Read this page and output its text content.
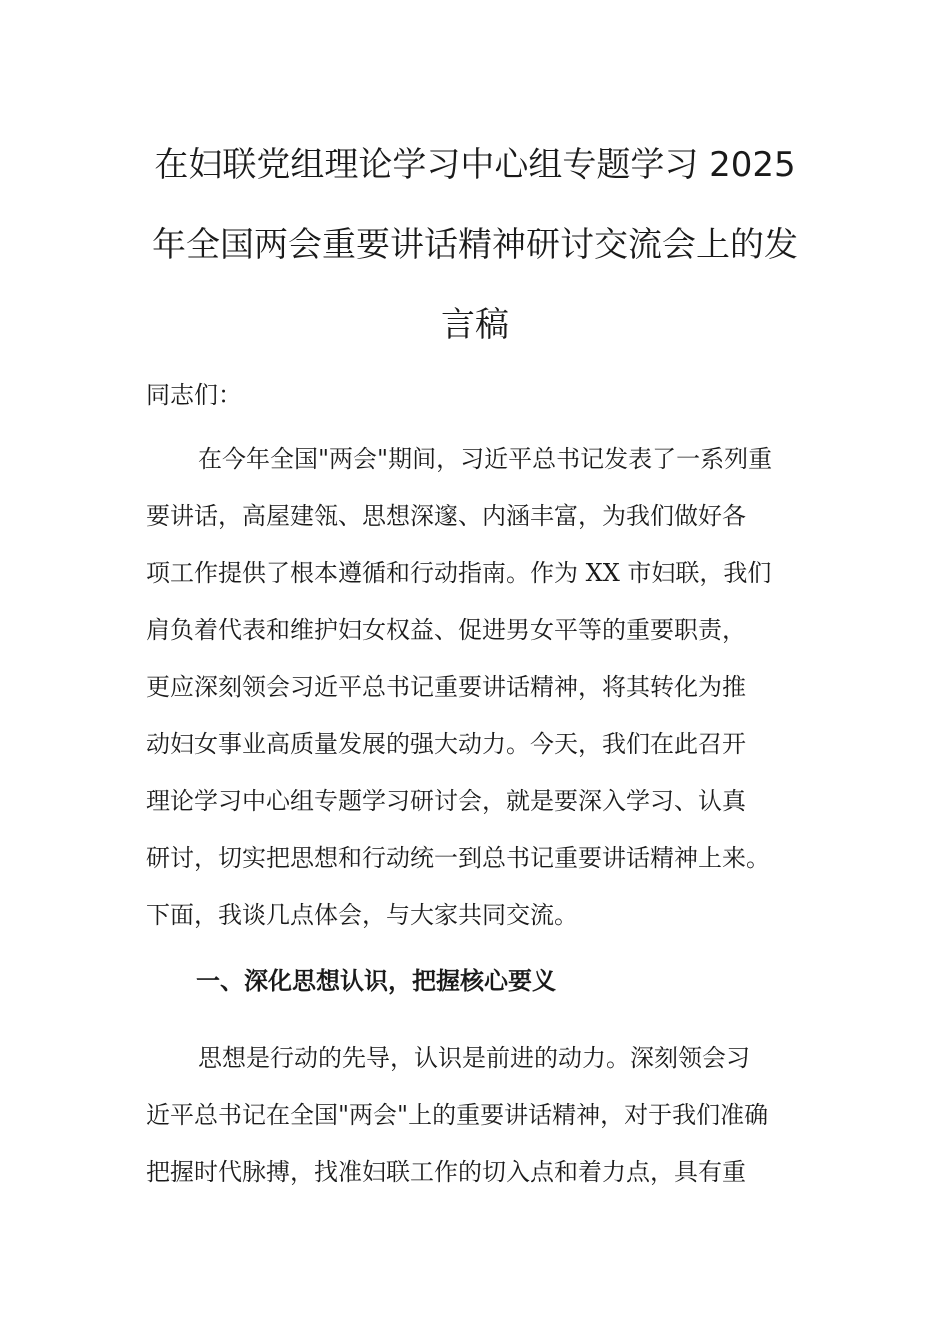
在妇联党组理论学习中心组专题学习 2025
年全国两会重要讲话精神研讨交流会上的发
言稿
同志们：
在今年全国"两会"期间，习近平总书记发表了一系列重
要讲话，高屋建瓴、思想深邃、内涵丰富，为我们做好各
项工作提供了根本遵循和行动指南。作为 XX 市妇联，我们
肩负着代表和维护妇女权益、促进男女平等的重要职责，
更应深刻领会习近平总书记重要讲话精神，将其转化为推
动妇女事业高质量发展的强大动力。今天，我们在此召开
理论学习中心组专题学习研讨会，就是要深入学习、认真
研讨，切实把思想和行动统一到总书记重要讲话精神上来。
下面，我谈几点体会，与大家共同交流。
一、深化思想认识，把握核心要义
思想是行动的先导，认识是前进的动力。深刻领会习
近平总书记在全国"两会"上的重要讲话精神，对于我们准确
把握时代脉搏，找准妇联工作的切入点和着力点，具有重
